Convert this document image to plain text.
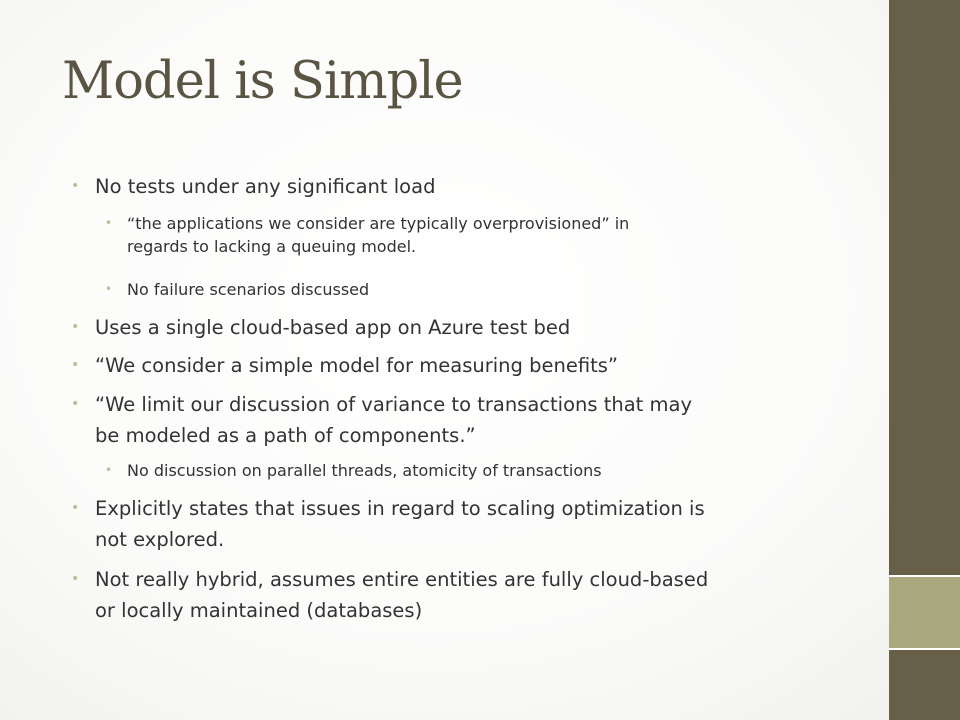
Model is Simple
• No tests under any significant load
• “the applications we consider are typically overprovisioned” in
regards to lacking a queuing model.
• No failure scenarios discussed
• Uses a single cloud-based app on Azure test bed
• “We consider a simple model for measuring benefits”
• “We limit our discussion of variance to transactions that may
be modeled as a path of components.”
• No discussion on parallel threads, atomicity of transactions
• Explicitly states that issues in regard to scaling optimization is
not explored.
• Not really hybrid, assumes entire entities are fully cloud-based
or locally maintained (databases)
